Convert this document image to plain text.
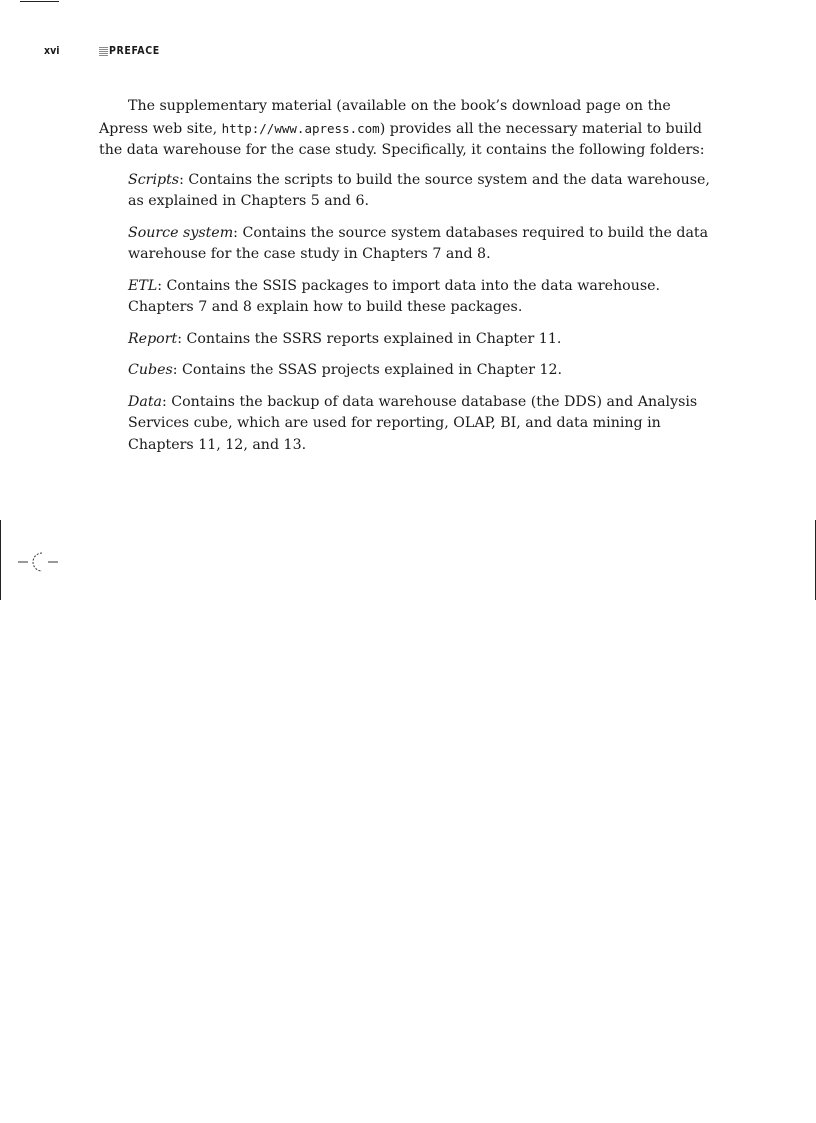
xvi	PREFACE

The supplementary material (available on the book’s download page on the Apress web site, http://www.apress.com) provides all the necessary material to build the data warehouse for the case study. Specifically, it contains the following folders:

Scripts: Contains the scripts to build the source system and the data warehouse, as explained in Chapters 5 and 6.

Source system: Contains the source system databases required to build the data warehouse for the case study in Chapters 7 and 8.

ETL: Contains the SSIS packages to import data into the data warehouse. Chapters 7 and 8 explain how to build these packages.

Report: Contains the SSRS reports explained in Chapter 11.

Cubes: Contains the SSAS projects explained in Chapter 12.

Data: Contains the backup of data warehouse database (the DDS) and Analysis Services cube, which are used for reporting, OLAP, BI, and data mining in Chapters 11, 12, and 13.
